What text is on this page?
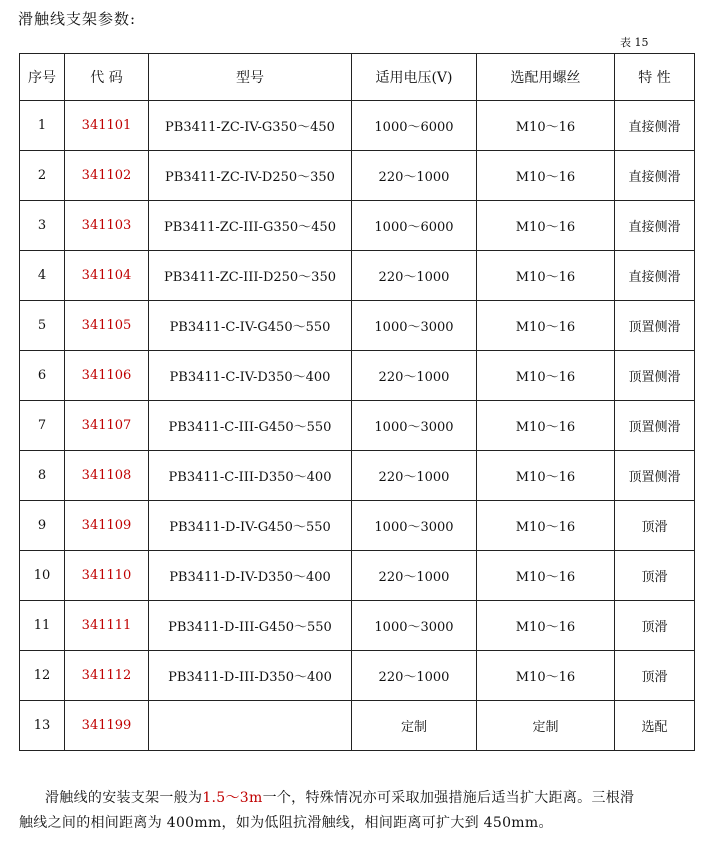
滑触线支架参数:
表 15
序号	代 码	型号	适用电压(V)	选配用螺丝	特 性
1	341101	PB3411-ZC-IV-G350～450	1000～6000	M10～16	直接侧滑
2	341102	PB3411-ZC-IV-D250～350	220～1000	M10～16	直接侧滑
3	341103	PB3411-ZC-III-G350～450	1000～6000	M10～16	直接侧滑
4	341104	PB3411-ZC-III-D250～350	220～1000	M10～16	直接侧滑
5	341105	PB3411-C-IV-G450～550	1000～3000	M10～16	顶置侧滑
6	341106	PB3411-C-IV-D350～400	220～1000	M10～16	顶置侧滑
7	341107	PB3411-C-III-G450～550	1000～3000	M10～16	顶置侧滑
8	341108	PB3411-C-III-D350～400	220～1000	M10～16	顶置侧滑
9	341109	PB3411-D-IV-G450～550	1000～3000	M10～16	顶滑
10	341110	PB3411-D-IV-D350～400	220～1000	M10～16	顶滑
11	341111	PB3411-D-III-G450～550	1000～3000	M10～16	顶滑
12	341112	PB3411-D-III-D350～400	220～1000	M10～16	顶滑
13	341199		定制	定制	选配

滑触线的安装支架一般为1.5～3m一个，特殊情况亦可采取加强措施后适当扩大距离。三根滑

触线之间的相间距离为 400mm，如为低阻抗滑触线，相间距离可扩大到 450mm。
